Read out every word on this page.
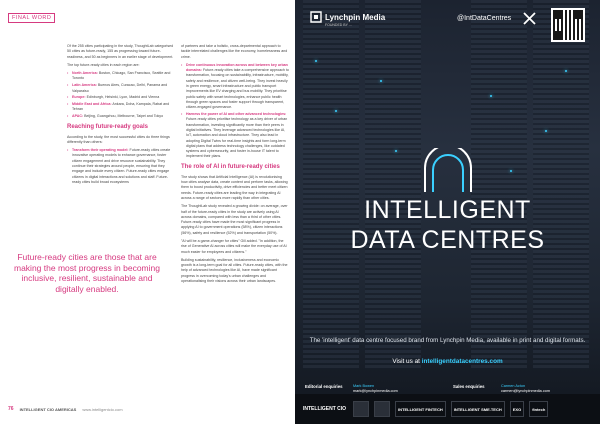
FINAL WORD

Of the 255 cities participating in the study, ThoughtLab categorised 50 cities as future-ready, 155 as progressing toward future-readiness, and 50 as beginners in an earlier stage of development.

The top future-ready cities in each region are:

• North America: Boston, Chicago, San Francisco, Seattle and Toronto
• Latin America: Buenos Aires, Curacao, Delhi, Panama and Valparaiso
• Europe: Edinburgh, Helsinki, Lyon, Madrid and Vienna
• Middle East and Africa: Ankara, Doha, Kampala, Rabat and Tehran
• APAC: Beijing, Guangzhou, Melbourne, Taipei and Tokyo
Reaching future-ready goals

According to the study, the most successful cities do three things differently than others:

• Transform their operating model: Future-ready cities create innovative operating models to enhance governance, foster citizen engagement and drive resource sustainability. They continue their strategies around people, ensuring that they engage and include every citizen. Future-ready cities engage citizens in digital interactions and solutions and staff. Future-ready cities build broad ecosystems

of partners and take a holistic, cross-departmental approach to tackle interrelated challenges like the economy, homelessness and crime.

• Drive continuous innovation across and between key urban domains: Future-ready cities take a comprehensive approach to transformation, focusing on sustainability, infrastructure, mobility, safety and resilience, and citizen well-being. They invest heavily in green energy, smart infrastructure and public transport improvements like EV charging and bus mobility. They prioritise public safety with smart technologies, enhance public health through green spaces and foster support through transparent, citizen-engaged governance.
• Harness the power of AI and other advanced technologies: Future-ready cities prioritise technology as a key driver of urban transformation, investing significantly more than their peers in digital initiatives. They leverage advanced technologies like AI, IoT, automation and cloud infrastructure. They also lead in adopting Digital Twins for real-time insights and form long-term digital plans that address technology challenges, like outdated systems and cybersecurity, and foster in-house IT talent to implement their plans.
The role of AI in future-ready cities

The study shows that Artificial Intelligence (AI) is revolutionising how cities analyse data, create content and perform tasks, allowing them to boost productivity, drive efficiencies and better meet citizen needs. Future-ready cities are leading the way in integrating AI across a range of sectors more rapidly than other cities.

The ThoughtLab study revealed a growing divide: on average, over half of the future-ready cities in the study are actively using AI across domains, compared with less than a third of other cities. Future-ready cities have made the most significant progress in applying AI to government operations (58%), citizen interactions (56%), safety and resilience (52%) and transportation (50%).

"AI will be a game-changer for cities" Gill added. "In addition, the rise of Generative AI across cities will make the everyday use of AI much easier for employees and citizens."

Building sustainability, resilience, inclusiveness and economic growth is a long-term goal for all cities. Future-ready cities, with the help of advanced technologies like AI, have made significant progress in overcoming today's urban challenges and operationalising their visions across their urban landscapes.

Future-ready cities are those that are making the most progress in becoming inclusive, resilient, sustainable and digitally enabled.
76 INTELLIGENT CIO AMERICAS www.intelligentcio.com
Lynchpin Media
FOUNDED BY ...
@IntDataCentres
INTELLIGENT
DATA CENTRES
The 'intelligent' data centre focused brand from Lynchpin Media, available in print and digital formats.
Visit us at intelligentdatacentres.com
Editorial enquiries	Mark Bowen
mark@lynchpinmedia.com
Sales enquiries	Carmen Acton
carmen@lynchpinmedia.com
INTELLIGENT CIO	INTELLIGENT FINTECH	INTELLIGENT SME.TECH	EXO	fintech
